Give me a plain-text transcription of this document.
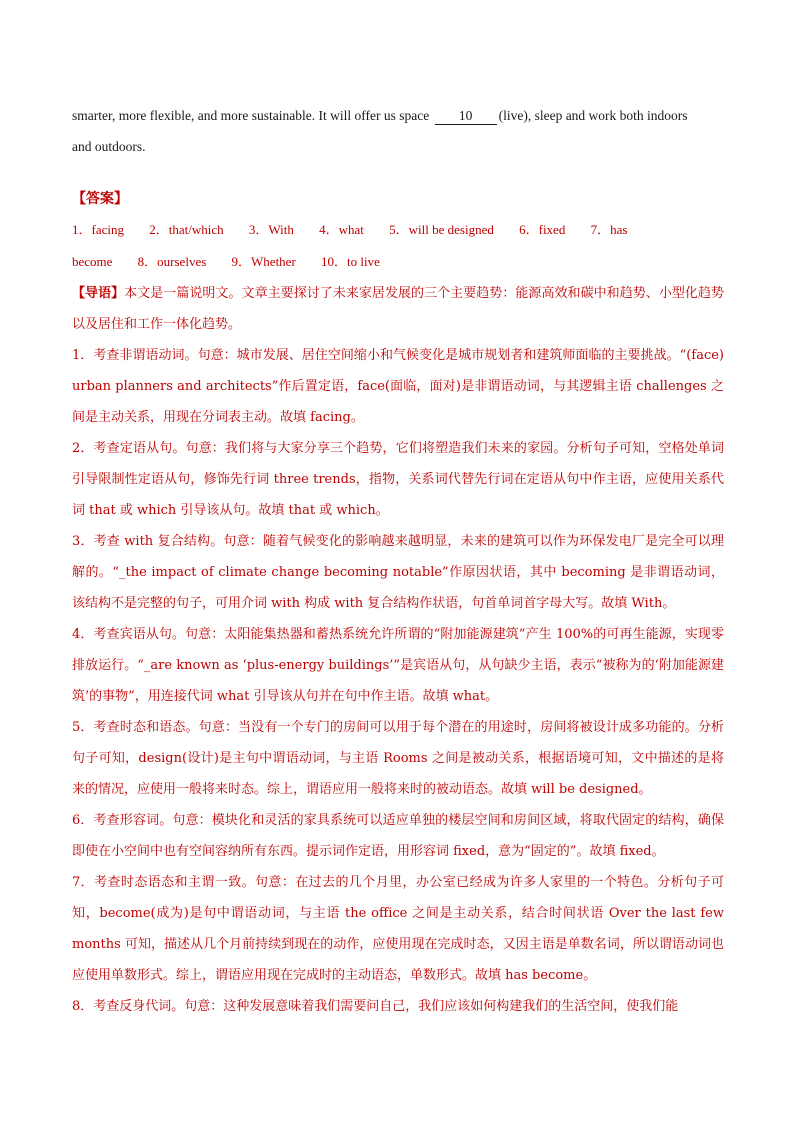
smarter, more flexible, and more sustainable. It will offer us space 10 (live), sleep and work both indoors
and outdoors.
【答案】
1．facing 2．that/which 3．With 4．what 5．will be designed 6．fixed 7．has
become 8．ourselves 9．Whether 10．to live
【导语】本文是一篇说明文。文章主要探讨了未来家居发展的三个主要趋势：能源高效和碳中和趋势、小型化趋势以及居住和工作一体化趋势。
1．考查非谓语动词。句意：城市发展、居住空间缩小和气候变化是城市规划者和建筑师面临的主要挑战。“(face) urban planners and architects”作后置定语，face(面临，面对)是非谓语动词，与其逻辑主语 challenges 之间是主动关系，用现在分词表主动。故填 facing。
2．考查定语从句。句意：我们将与大家分享三个趋势，它们将塑造我们未来的家园。分析句子可知，空格处单词引导限制性定语从句，修饰先行词 three trends，指物，关系词代替先行词在定语从句中作主语，应使用关系代词 that 或 which 引导该从句。故填 that 或 which。
3．考查 with 复合结构。句意：随着气候变化的影响越来越明显，未来的建筑可以作为环保发电厂是完全可以理解的。“_the impact of climate change becoming notable”作原因状语，其中 becoming 是非谓语动词，该结构不是完整的句子，可用介词 with 构成 with 复合结构作状语，句首单词首字母大写。故填 With。
4．考查宾语从句。句意：太阳能集热器和蓄热系统允许所谓的“附加能源建筑”产生 100%的可再生能源，实现零排放运行。“_are known as ‘plus-energy buildings’”是宾语从句，从句缺少主语，表示“被称为的‘附加能源建筑’的事物”，用连接代词 what 引导该从句并在句中作主语。故填 what。
5．考查时态和语态。句意：当没有一个专门的房间可以用于每个潜在的用途时，房间将被设计成多功能的。分析句子可知，design(设计)是主句中谓语动词，与主语 Rooms 之间是被动关系，根据语境可知，文中描述的是将来的情况，应使用一般将来时态。综上，谓语应用一般将来时的被动语态。故填 will be designed。
6．考查形容词。句意：模块化和灵活的家具系统可以适应单独的楼层空间和房间区域，将取代固定的结构，确保即使在小空间中也有空间容纳所有东西。提示词作定语，用形容词 fixed，意为“固定的”。故填 fixed。
7．考查时态语态和主谓一致。句意：在过去的几个月里，办公室已经成为许多人家里的一个特色。分析句子可知，become(成为)是句中谓语动词，与主语 the office 之间是主动关系，结合时间状语 Over the last few months 可知，描述从几个月前持续到现在的动作，应使用现在完成时态，又因主语是单数名词，所以谓语动词也应使用单数形式。综上，谓语应用现在完成时的主动语态，单数形式。故填 has become。
8．考查反身代词。句意：这种发展意味着我们需要问自己，我们应该如何构建我们的生活空间，使我们能
